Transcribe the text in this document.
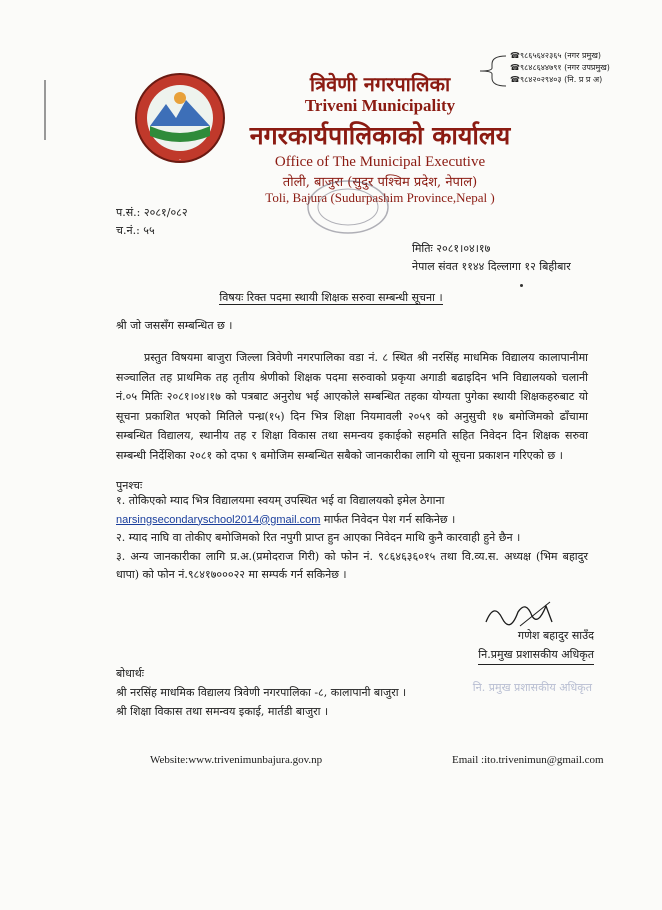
.
त्रिवेणी नगरपालिका
Triveni Municipality
नगरकार्यपालिकाको कार्यालय
Office of The Municipal Executive
तोली, बाजुरा (सुदुर पश्चिम प्रदेश, नेपाल)
Toli, Bajura (Sudurpashim Province,Nepal )
☎९८६५६४२३६५ (नगर प्रमुख)
☎९८४८६४४७९१ (नगर उपप्रमुख)
☎९८४२०२९४०३ (नि. प्र प्र अ)
प.सं.: २०८१/०८२
च.नं.: ५५
मितिः २०८१।०४।१७
नेपाल संवत ११४४ दिल्लागा १२ बिहीबार
विषयः रिक्त पदमा स्थायी शिक्षक सरुवा सम्बन्धी सूचना ।
श्री जो जससँग सम्बन्धित छ ।
प्रस्तुत विषयमा बाजुरा जिल्ला त्रिवेणी नगरपालिका वडा नं. ८ स्थित श्री नरसिंह माधमिक विद्यालय कालापानीमा सञ्चालित तह प्राथमिक तह तृतीय श्रेणीको शिक्षक पदमा सरुवाको प्रकृया अगाडी बढाइदिन भनि विद्यालयको चलानी नं.०५ मितिः २०८१।०४।१७ को पत्रबाट अनुरोध भई आएकोले सम्बन्धित तहका योग्यता पुगेका स्थायी शिक्षकहरुबाट यो सूचना प्रकाशित भएको मितिले पन्ध्र(१५) दिन भित्र शिक्षा नियमावली २०५९ को अनुसुची १७ बमोजिमको ढाँचामा सम्बन्धित विद्यालय, स्थानीय तह र शिक्षा विकास तथा समन्वय इकाईको सहमति सहित निवेदन दिन शिक्षक सरुवा सम्बन्धी निर्देशिका २०८१ को दफा ९ बमोजिम सम्बन्धित सबैको जानकारीका लागि यो सूचना प्रकाशन गरिएको छ ।
पुनश्चः

१. तोकिएको म्याद भित्र विद्यालयमा स्वयम् उपस्थित भई वा विद्यालयको इमेल ठेगाना
narsingsecondaryschool2014@gmail.com मार्फत निवेदन पेश गर्न सकिनेछ ।

२. म्याद नाघि वा तोकीए बमोजिमको रित नपुगी प्राप्त हुन आएका निवेदन माथि कुनै कारवाही हुने छैन ।

३. अन्य जानकारीका लागि प्र.अ.(प्रमोदराज गिरी) को फोन नं. ९८६४६३६०१५ तथा वि.व्य.स. अध्यक्ष (भिम बहादुर धापा) को फोन नं.९८४१७०००२२ मा सम्पर्क गर्न सकिनेछ ।

गणेश बहादुर साउँद
नि.प्रमुख प्रशासकीय अधिकृत
नि. प्रमुख प्रशासकीय अधिकृत
बोधार्थः
श्री नरसिंह माधमिक विद्यालय त्रिवेणी नगरपालिका -८, कालापानी बाजुरा ।
श्री शिक्षा विकास तथा समन्वय इकाई, मार्तडी बाजुरा ।
Website:www.trivenimunbajura.gov.np	Email :ito.trivenimun@gmail.com
